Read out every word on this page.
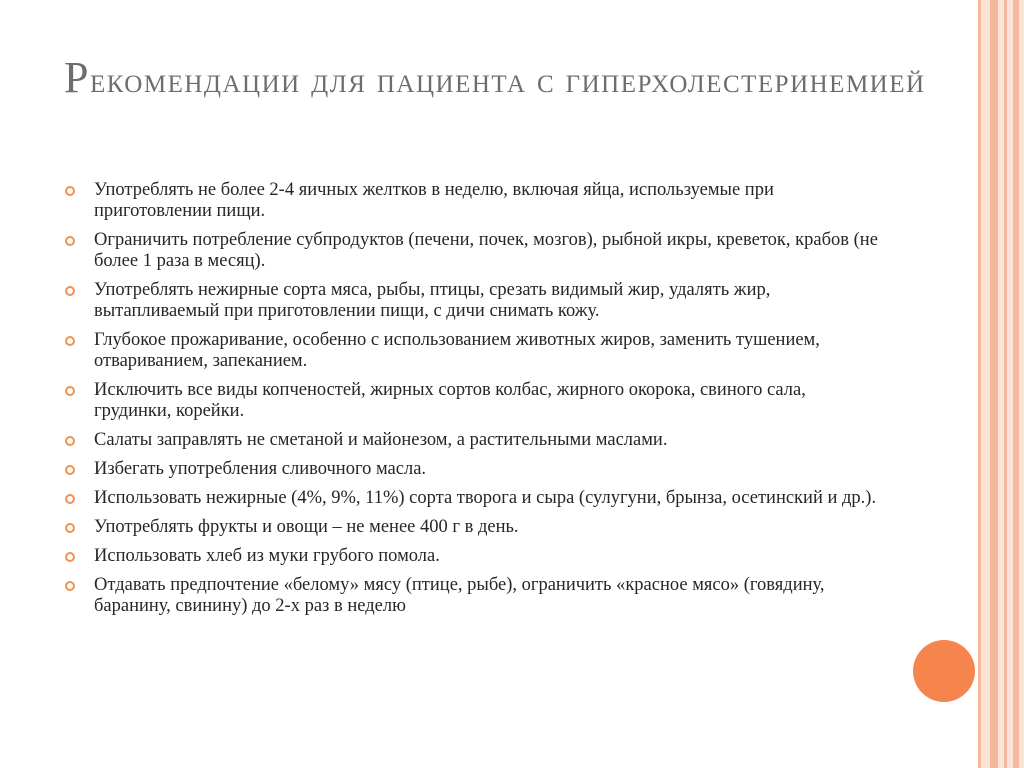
Рекомендации для пациента с гиперхолестеринемией
Употреблять не более 2-4 яичных желтков в неделю, включая яйца, используемые при приготовлении пищи.
Ограничить потребление субпродуктов (печени, почек, мозгов), рыбной икры, креветок, крабов (не более 1 раза в месяц).
Употреблять нежирные сорта мяса, рыбы, птицы, срезать видимый жир, удалять жир, вытапливаемый при приготовлении пищи, с дичи снимать кожу.
Глубокое прожаривание, особенно с использованием животных жиров, заменить тушением, отвариванием, запеканием.
Исключить все виды копченостей, жирных сортов колбас, жирного окорока, свиного сала, грудинки, корейки.
Салаты заправлять не сметаной и майонезом, а растительными маслами.
Избегать употребления сливочного масла.
Использовать нежирные (4%, 9%, 11%) сорта творога и сыра (сулугуни, брынза, осетинский и др.).
Употреблять фрукты и овощи – не менее 400 г в день.
Использовать хлеб из муки грубого помола.
Отдавать предпочтение «белому» мясу (птице, рыбе), ограничить «красное мясо» (говядину, баранину, свинину) до 2-х раз в неделю
